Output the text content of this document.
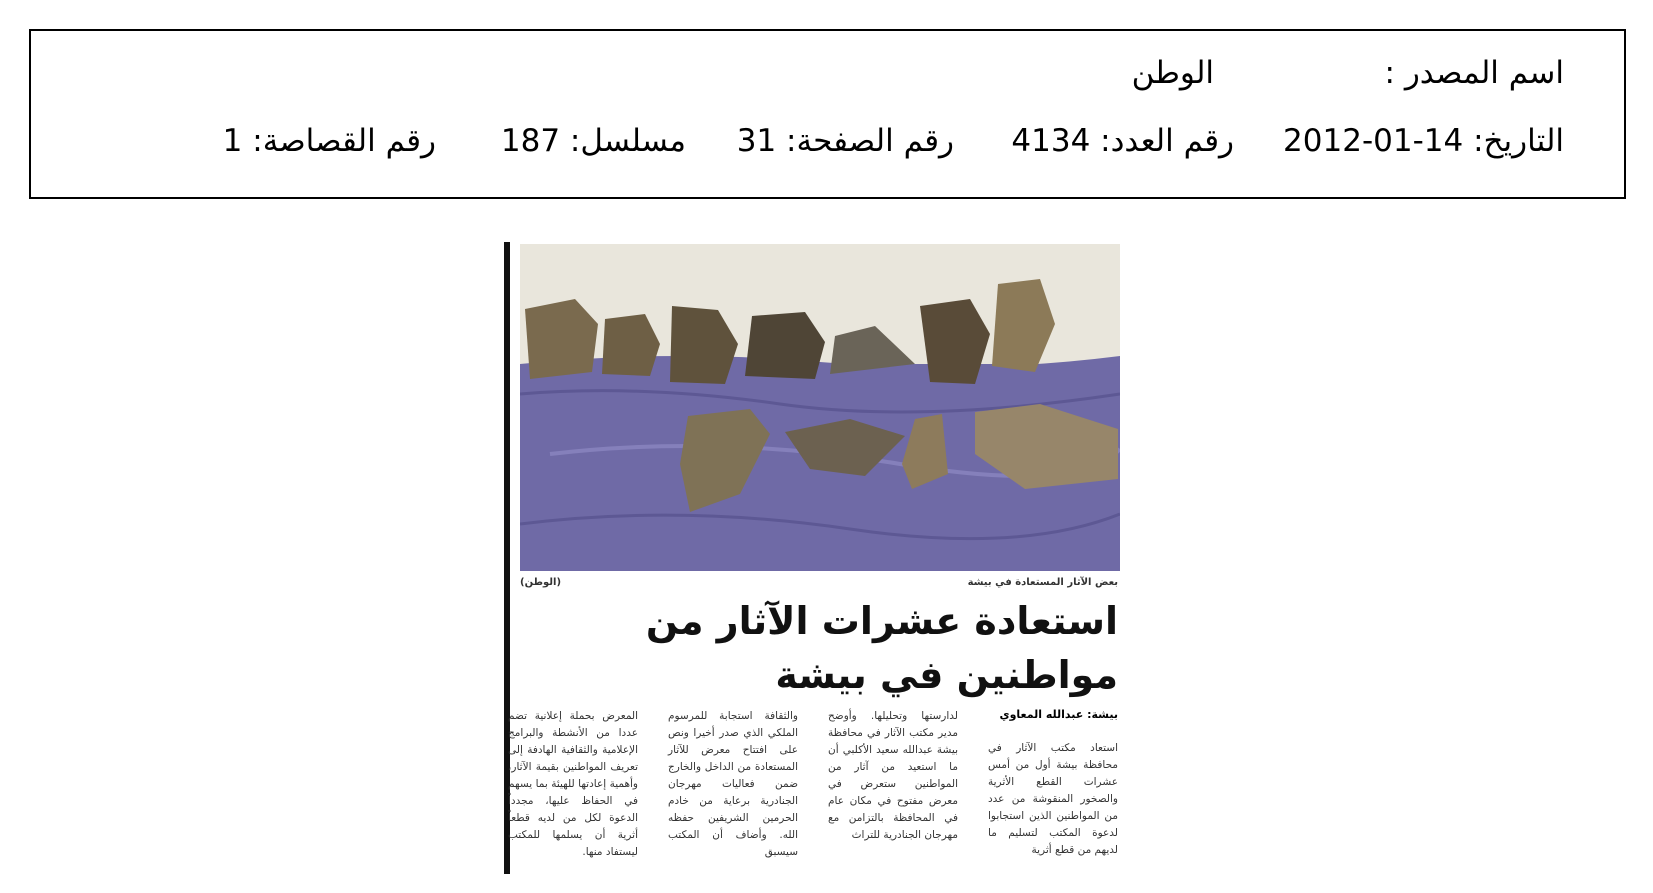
اسم المصدر :
الوطن
التاريخ: 14-01-2012
رقم العدد: 4134
رقم الصفحة: 31
مسلسل: 187
رقم القصاصة: 1
بعض الآثار المستعادة في بيشة
(الوطن)
استعادة عشرات الآثار من مواطنين في بيشة
بيشة: عبدالله المعاوي
استعاد مكتب الآثار في محافظة بيشة أول من أمس عشرات القطع الأثرية والصخور المنقوشة من عدد من المواطنين الذين استجابوا لدعوة المكتب لتسليم ما لديهم من قطع أثرية
لدارستها وتحليلها. وأوضح مدير مكتب الآثار في محافظة بيشة عبدالله سعيد الأكلبي أن ما استعيد من آثار من المواطنين ستعرض في معرض مفتوح في مكان عام في المحافظة بالتزامن مع مهرجان الجنادرية للتراث
والثقافة استجابة للمرسوم الملكي الذي صدر أخيرا ونص على افتتاح معرض للآثار المستعادة من الداخل والخارج ضمن فعاليات مهرجان الجنادرية برعاية من خادم الحرمين الشريفين حفظه الله. وأضاف أن المكتب سيسبق
المعرض بحملة إعلانية تضم عددا من الأنشطة والبرامج الإعلامية والثقافية الهادفة إلى تعريف المواطنين بقيمة الآثار، وأهمية إعادتها للهيئة بما يسهم في الحفاظ عليها، مجدداً الدعوة لكل من لديه قطعاً أثرية أن يسلمها للمكتب ليستفاد منها.
